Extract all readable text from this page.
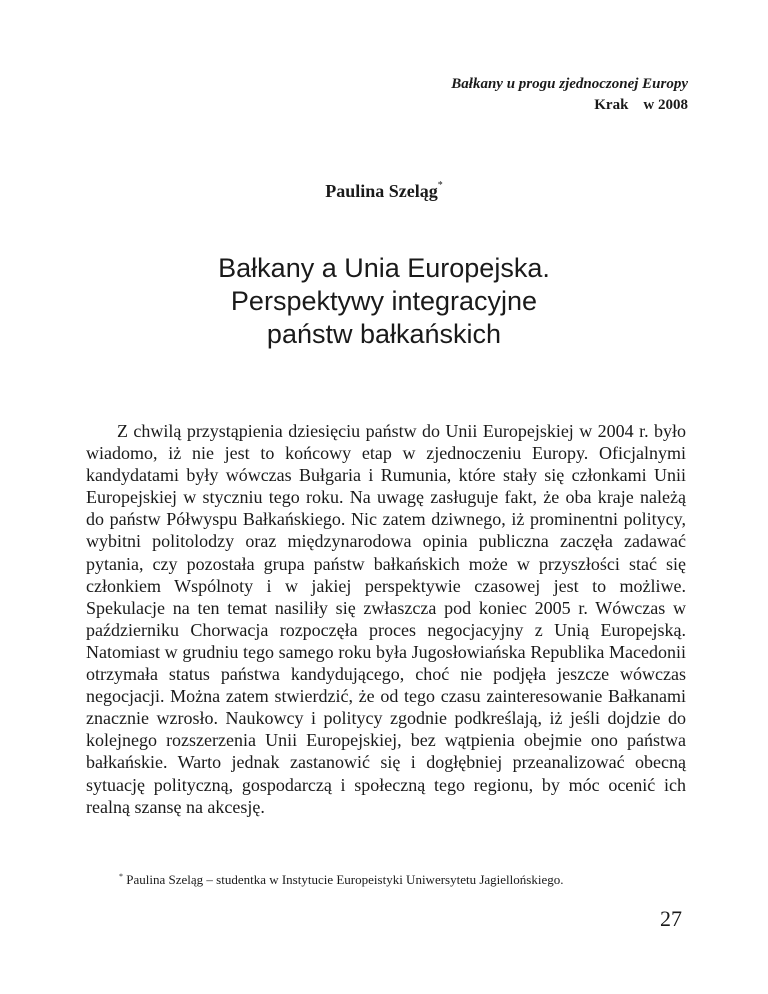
Bałkany u progu zjednoczonej Europy
Krak    w 2008
Paulina Szeląg*
Bałkany a Unia Europejska.
Perspektywy integracyjne
państw bałkańskich

Z chwilą przystąpienia dziesięciu państw do Unii Europejskiej w 2004 r. było wiadomo, iż nie jest to końcowy etap w zjednoczeniu Europy. Oficjalnymi kandydatami były wówczas Bułgaria i Rumunia, które stały się członkami Unii Europejskiej w styczniu tego roku. Na uwagę zasługuje fakt, że oba kraje należą do państw Półwyspu Bałkańskiego. Nic zatem dziwnego, iż prominentni politycy, wybitni politolodzy oraz międzynarodowa opinia publiczna zaczęła zadawać pytania, czy pozostała grupa państw bałkańskich może w przyszłości stać się członkiem Wspólnoty i w jakiej perspektywie czasowej jest to możliwe. Spekulacje na ten temat nasiliły się zwłaszcza pod koniec 2005 r. Wówczas w październiku Chorwacja rozpoczęła proces negocjacyjny z Unią Europejską. Natomiast w grudniu tego samego roku była Jugosłowiańska Republika Macedonii otrzymała status państwa kandydującego, choć nie podjęła jeszcze wówczas negocjacji. Można zatem stwierdzić, że od tego czasu zainteresowanie Bałkanami znacznie wzrosło. Naukowcy i politycy zgodnie podkreślają, iż jeśli dojdzie do kolejnego rozszerzenia Unii Europejskiej, bez wątpienia obejmie ono państwa bałkańskie. Warto jednak zastanowić się i dogłębniej przeanalizować obecną sytuację polityczną, gospodarczą i społeczną tego regionu, by móc ocenić ich realną szansę na akcesję.

* Paulina Szeląg – studentka w Instytucie Europeistyki Uniwersytetu Jagiellońskiego.
27
